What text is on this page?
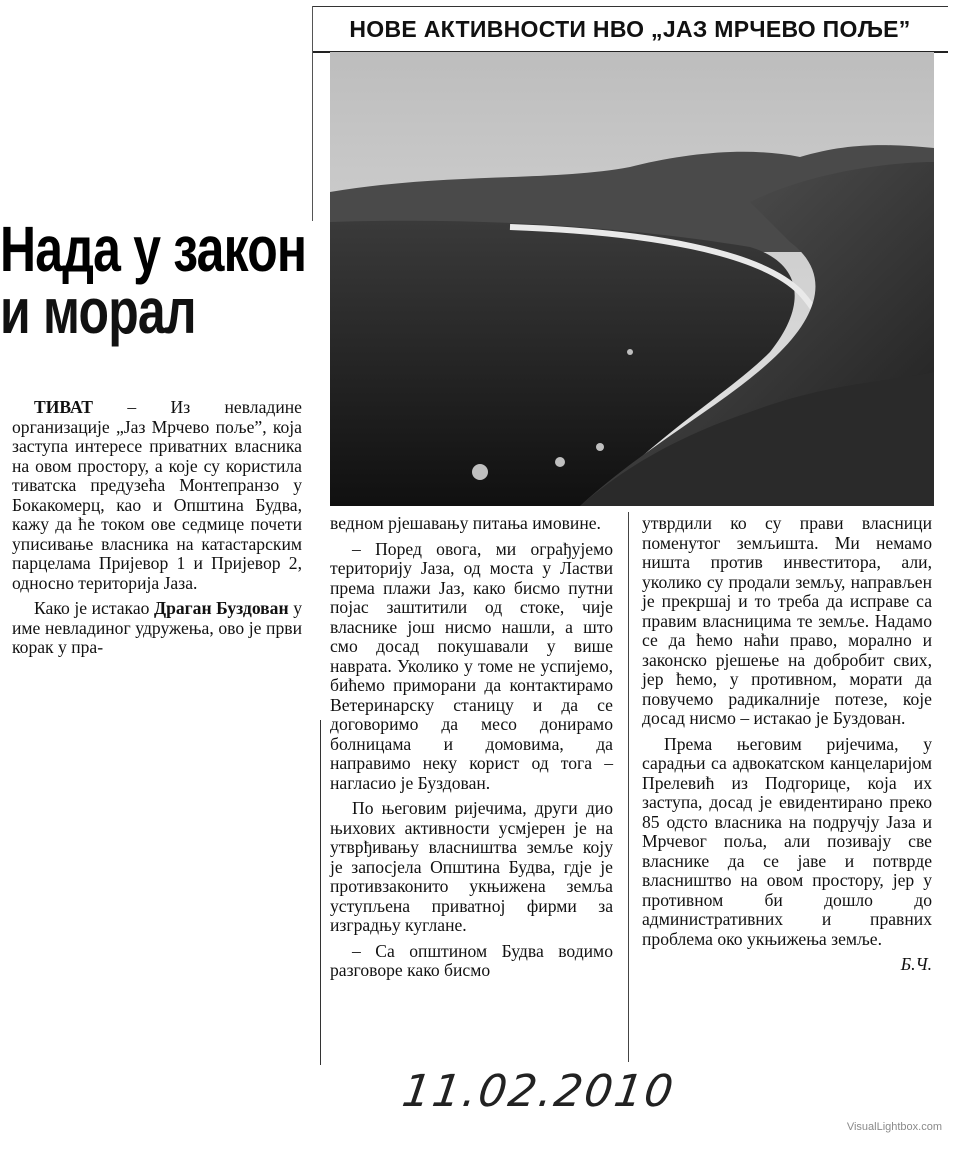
НОВЕ АКТИВНОСТИ НВО „ЈАЗ МРЧЕВО ПОЉЕ”
Нада у закон
и морал

ТИВАТ – Из невладине организације „Јаз Мрчево поље”, која заступа интересе приватних власника на овом простору, а које су користила тиватска предузећа Монтепранзо у Бокакомерц, као и Општина Будва, кажу да ће током ове седмице почети уписивање власника на катастарским парцелама Пријевор 1 и Пријевор 2, односно територија Јаза.

Како је истакао Драган Буздован у име невладиног удружења, ово је први корак у пра-

ведном рјешавању питања имовине.

– Поред овога, ми ограђујемо територију Јаза, од моста у Ластви према плажи Јаз, како бисмо путни појас заштитили од стоке, чије власнике још нисмо нашли, а што смо досад покушавали у више наврата. Уколико у томе не успијемо, бићемо приморани да контактирамо Ветеринарску станицу и да се договоримо да месо донирамо болницама и домовима, да направимо неку корист од тога – нагласио је Буздован.

По његовим ријечима, други дио њихових активности усмјерен је на утврђивању власништва земље коју је запосјела Општина Будва, гдје је противзаконито укњижена земља уступљена приватној фирми за изградњу куглане.

– Са општином Будва водимо разговоре како бисмо

утврдили ко су прави власници поменутог земљишта. Ми немамо ништа против инвеститора, али, уколико су продали земљу, направљен је прекршај и то треба да исправе са правим власницима те земље. Надамо се да ћемо наћи право, морално и законско рјешење на добробит свих, јер ћемо, у противном, морати да повучемо радикалније потезе, које досад нисмо – истакао је Буздован.

Према његовим ријечима, у сарадњи са адвокатском канцеларијом Прелевић из Подгорице, која их заступа, досад је евидентирано преко 85 одсто власника на подручју Јаза и Мрчевог поља, али позивају све власнике да се јаве и потврде власништво на овом простору, јер у противном би дошло до административних и правних проблема око укњижења земље.

Б.Ч.

11.02.2010
VisualLightbox.com
